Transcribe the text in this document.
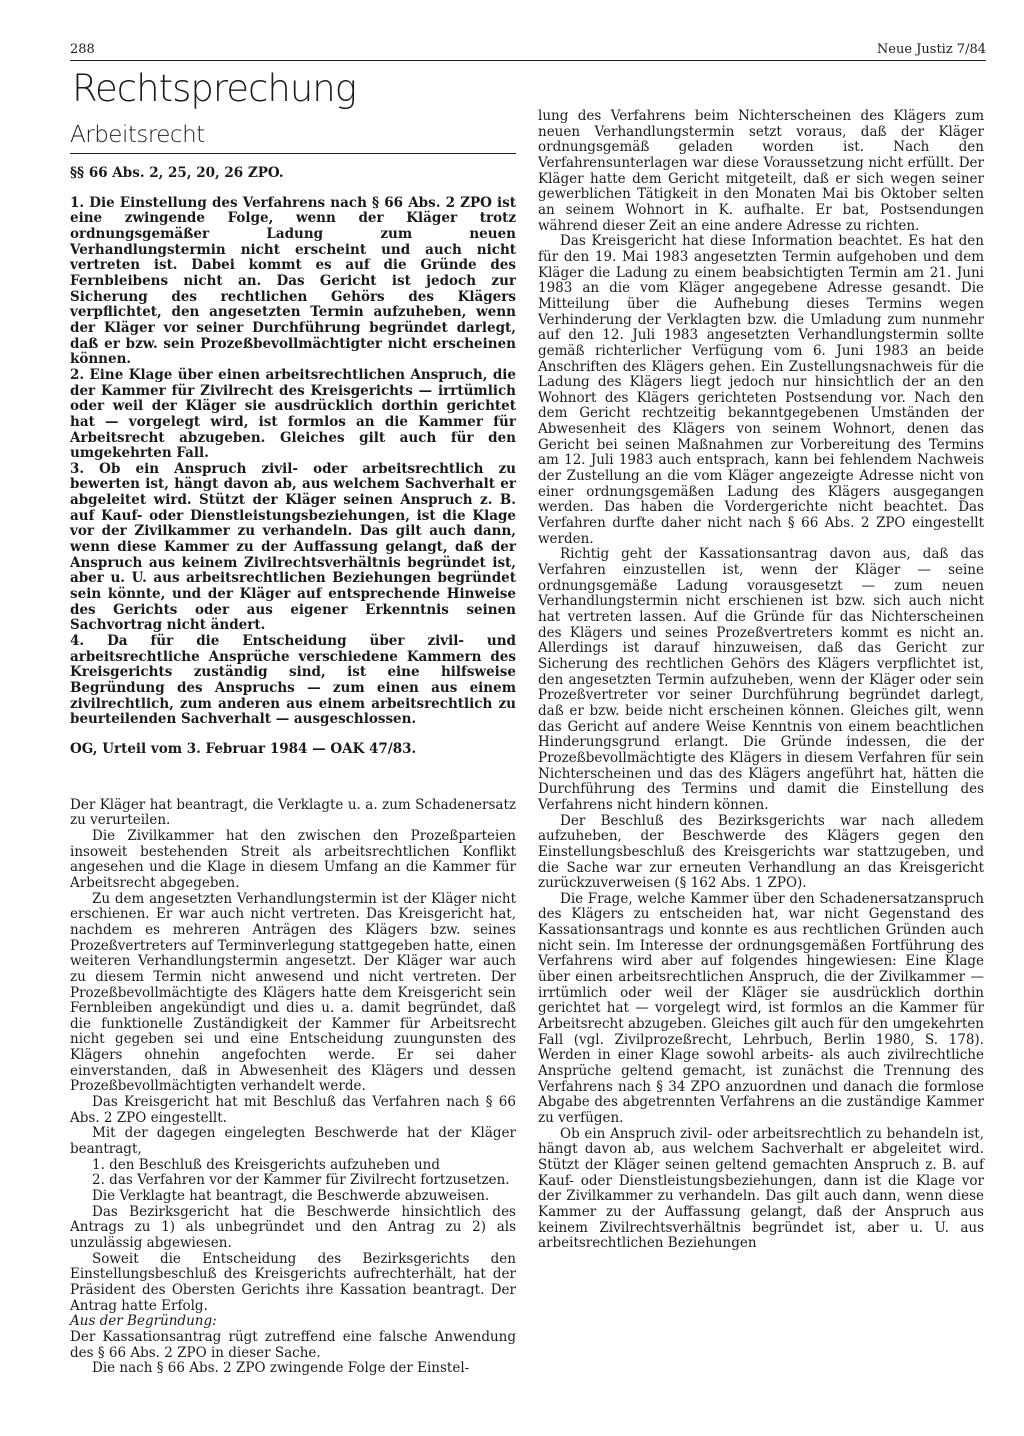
288	Neue Justiz 7/84
Rechtsprechung
Arbeitsrecht

§§ 66 Abs. 2, 25, 20, 26 ZPO.

1. Die Einstellung des Verfahrens nach § 66 Abs. 2 ZPO ist eine zwingende Folge, wenn der Kläger trotz ordnungsgemäßer Ladung zum neuen Verhandlungstermin nicht erscheint und auch nicht vertreten ist. Dabei kommt es auf die Gründe des Fernbleibens nicht an. Das Gericht ist jedoch zur Sicherung des rechtlichen Gehörs des Klägers verpflichtet, den angesetzten Termin aufzuheben, wenn der Kläger vor seiner Durchführung begründet darlegt, daß er bzw. sein Prozeßbevollmächtigter nicht erscheinen können.

2. Eine Klage über einen arbeitsrechtlichen Anspruch, die der Kammer für Zivilrecht des Kreisgerichts — irrtümlich oder weil der Kläger sie ausdrücklich dorthin gerichtet hat — vorgelegt wird, ist formlos an die Kammer für Arbeitsrecht abzugeben. Gleiches gilt auch für den umgekehrten Fall.

3. Ob ein Anspruch zivil- oder arbeitsrechtlich zu bewerten ist, hängt davon ab, aus welchem Sachverhalt er abgeleitet wird. Stützt der Kläger seinen Anspruch z. B. auf Kauf- oder Dienstleistungsbeziehungen, ist die Klage vor der Zivilkammer zu verhandeln. Das gilt auch dann, wenn diese Kammer zu der Auffassung gelangt, daß der Anspruch aus keinem Zivilrechtsverhältnis begründet ist, aber u. U. aus arbeitsrechtlichen Beziehungen begründet sein könnte, und der Kläger auf entsprechende Hinweise des Gerichts oder aus eigener Erkenntnis seinen Sachvortrag nicht ändert.

4. Da für die Entscheidung über zivil- und arbeitsrechtliche Ansprüche verschiedene Kammern des Kreisgerichts zuständig sind, ist eine hilfsweise Begründung des Anspruchs — zum einen aus einem zivilrechtlich, zum anderen aus einem arbeitsrechtlich zu beurteilenden Sachverhalt — ausgeschlossen.

OG, Urteil vom 3. Februar 1984 — OAK 47/83.

Der Kläger hat beantragt, die Verklagte u. a. zum Schadenersatz zu verurteilen.

Die Zivilkammer hat den zwischen den Prozeßparteien insoweit bestehenden Streit als arbeitsrechtlichen Konflikt angesehen und die Klage in diesem Umfang an die Kammer für Arbeitsrecht abgegeben.

Zu dem angesetzten Verhandlungstermin ist der Kläger nicht erschienen. Er war auch nicht vertreten. Das Kreisgericht hat, nachdem es mehreren Anträgen des Klägers bzw. seines Prozeßvertreters auf Terminverlegung stattgegeben hatte, einen weiteren Verhandlungstermin angesetzt. Der Kläger war auch zu diesem Termin nicht anwesend und nicht vertreten. Der Prozeßbevollmächtigte des Klägers hatte dem Kreisgericht sein Fernbleiben angekündigt und dies u. a. damit begründet, daß die funktionelle Zuständigkeit der Kammer für Arbeitsrecht nicht gegeben sei und eine Entscheidung zuungunsten des Klägers ohnehin angefochten werde. Er sei daher einverstanden, daß in Abwesenheit des Klägers und dessen Prozeßbevollmächtigten verhandelt werde.

Das Kreisgericht hat mit Beschluß das Verfahren nach § 66 Abs. 2 ZPO eingestellt.

Mit der dagegen eingelegten Beschwerde hat der Kläger beantragt,

1. den Beschluß des Kreisgerichts aufzuheben und

2. das Verfahren vor der Kammer für Zivilrecht fortzusetzen.

Die Verklagte hat beantragt, die Beschwerde abzuweisen.

Das Bezirksgericht hat die Beschwerde hinsichtlich des Antrags zu 1) als unbegründet und den Antrag zu 2) als unzulässig abgewiesen.

Soweit die Entscheidung des Bezirksgerichts den Einstellungsbeschluß des Kreisgerichts aufrechterhält, hat der Präsident des Obersten Gerichts ihre Kassation beantragt. Der Antrag hatte Erfolg.

Aus der Begründung:

Der Kassationsantrag rügt zutreffend eine falsche Anwendung des § 66 Abs. 2 ZPO in dieser Sache.

Die nach § 66 Abs. 2 ZPO zwingende Folge der Einstel-

lung des Verfahrens beim Nichterscheinen des Klägers zum neuen Verhandlungstermin setzt voraus, daß der Kläger ordnungsgemäß geladen worden ist. Nach den Verfahrensunterlagen war diese Voraussetzung nicht erfüllt. Der Kläger hatte dem Gericht mitgeteilt, daß er sich wegen seiner gewerblichen Tätigkeit in den Monaten Mai bis Oktober selten an seinem Wohnort in K. aufhalte. Er bat, Postsendungen während dieser Zeit an eine andere Adresse zu richten.

Das Kreisgericht hat diese Information beachtet. Es hat den für den 19. Mai 1983 angesetzten Termin aufgehoben und dem Kläger die Ladung zu einem beabsichtigten Termin am 21. Juni 1983 an die vom Kläger angegebene Adresse gesandt. Die Mitteilung über die Aufhebung dieses Termins wegen Verhinderung der Verklagten bzw. die Umladung zum nunmehr auf den 12. Juli 1983 angesetzten Verhandlungstermin sollte gemäß richterlicher Verfügung vom 6. Juni 1983 an beide Anschriften des Klägers gehen. Ein Zustellungsnachweis für die Ladung des Klägers liegt jedoch nur hinsichtlich der an den Wohnort des Klägers gerichteten Postsendung vor. Nach den dem Gericht rechtzeitig bekanntgegebenen Umständen der Abwesenheit des Klägers von seinem Wohnort, denen das Gericht bei seinen Maßnahmen zur Vorbereitung des Termins am 12. Juli 1983 auch entsprach, kann bei fehlendem Nachweis der Zustellung an die vom Kläger angezeigte Adresse nicht von einer ordnungsgemäßen Ladung des Klägers ausgegangen werden. Das haben die Vordergerichte nicht beachtet. Das Verfahren durfte daher nicht nach § 66 Abs. 2 ZPO eingestellt werden.

Richtig geht der Kassationsantrag davon aus, daß das Verfahren einzustellen ist, wenn der Kläger — seine ordnungsgemäße Ladung vorausgesetzt — zum neuen Verhandlungstermin nicht erschienen ist bzw. sich auch nicht hat vertreten lassen. Auf die Gründe für das Nichterscheinen des Klägers und seines Prozeßvertreters kommt es nicht an. Allerdings ist darauf hinzuweisen, daß das Gericht zur Sicherung des rechtlichen Gehörs des Klägers verpflichtet ist, den angesetzten Termin aufzuheben, wenn der Kläger oder sein Prozeßvertreter vor seiner Durchführung begründet darlegt, daß er bzw. beide nicht erscheinen können. Gleiches gilt, wenn das Gericht auf andere Weise Kenntnis von einem beachtlichen Hinderungsgrund erlangt. Die Gründe indessen, die der Prozeßbevollmächtigte des Klägers in diesem Verfahren für sein Nichterscheinen und das des Klägers angeführt hat, hätten die Durchführung des Termins und damit die Einstellung des Verfahrens nicht hindern können.

Der Beschluß des Bezirksgerichts war nach alledem aufzuheben, der Beschwerde des Klägers gegen den Einstellungsbeschluß des Kreisgerichts war stattzugeben, und die Sache war zur erneuten Verhandlung an das Kreisgericht zurückzuverweisen (§ 162 Abs. 1 ZPO).

Die Frage, welche Kammer über den Schadenersatzanspruch des Klägers zu entscheiden hat, war nicht Gegenstand des Kassationsantrags und konnte es aus rechtlichen Gründen auch nicht sein. Im Interesse der ordnungsgemäßen Fortführung des Verfahrens wird aber auf folgendes hingewiesen: Eine Klage über einen arbeitsrechtlichen Anspruch, die der Zivilkammer — irrtümlich oder weil der Kläger sie ausdrücklich dorthin gerichtet hat — vorgelegt wird, ist formlos an die Kammer für Arbeitsrecht abzugeben. Gleiches gilt auch für den umgekehrten Fall (vgl. Zivilprozeßrecht, Lehrbuch, Berlin 1980, S. 178). Werden in einer Klage sowohl arbeits- als auch zivilrechtliche Ansprüche geltend gemacht, ist zunächst die Trennung des Verfahrens nach § 34 ZPO anzuordnen und danach die formlose Abgabe des abgetrennten Verfahrens an die zuständige Kammer zu verfügen.

Ob ein Anspruch zivil- oder arbeitsrechtlich zu behandeln ist, hängt davon ab, aus welchem Sachverhalt er abgeleitet wird. Stützt der Kläger seinen geltend gemachten Anspruch z. B. auf Kauf- oder Dienstleistungsbeziehungen, dann ist die Klage vor der Zivilkammer zu verhandeln. Das gilt auch dann, wenn diese Kammer zu der Auffassung gelangt, daß der Anspruch aus keinem Zivilrechtsverhältnis begründet ist, aber u. U. aus arbeitsrechtlichen Beziehungen
